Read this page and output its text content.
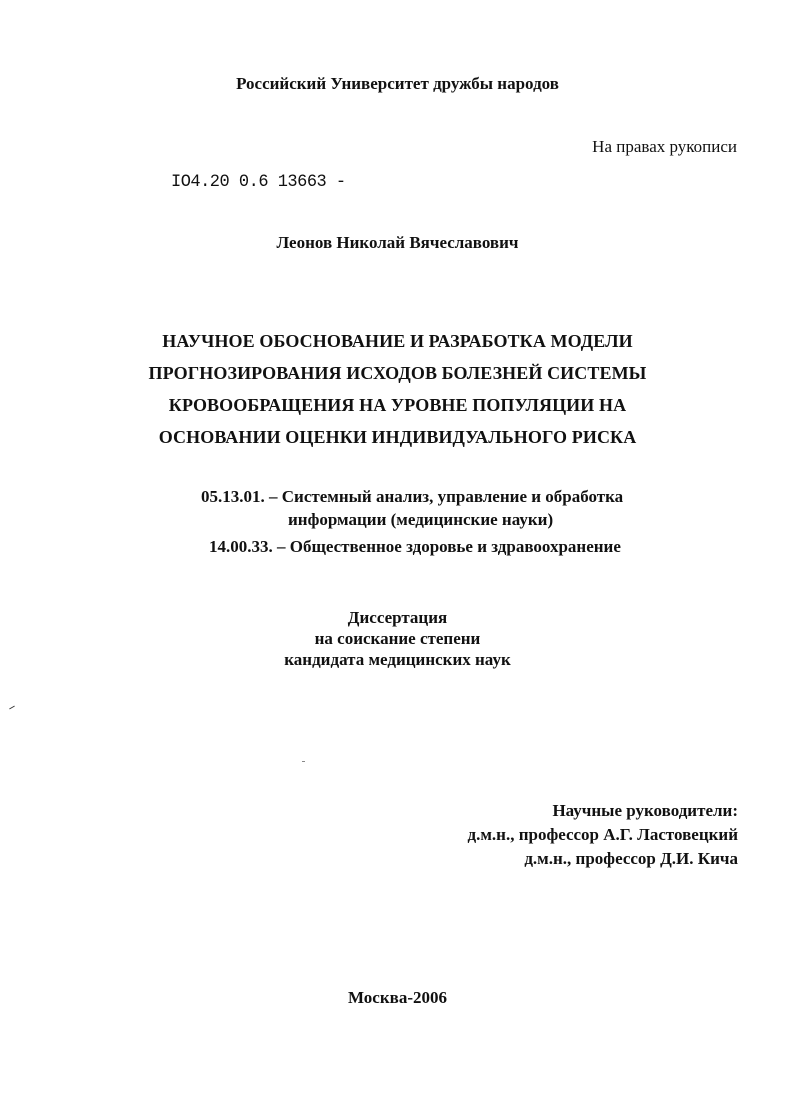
Российский Университет дружбы народов
На правах рукописи
IO4.20 0.6 13663 -
Леонов Николай Вячеславович
НАУЧНОЕ ОБОСНОВАНИЕ И РАЗРАБОТКА МОДЕЛИ
ПРОГНОЗИРОВАНИЯ ИСХОДОВ БОЛЕЗНЕЙ СИСТЕМЫ
КРОВООБРАЩЕНИЯ НА УРОВНЕ ПОПУЛЯЦИИ НА
ОСНОВАНИИ ОЦЕНКИ ИНДИВИДУАЛЬНОГО РИСКА
05.13.01. – Системный анализ, управление и обработка
информации (медицинские науки)
14.00.33. – Общественное здоровье и здравоохранение
Диссертация
на соискание степени
кандидата медицинских наук
Научные руководители:
д.м.н., профессор А.Г. Ластовецкий
д.м.н., профессор Д.И. Кича
Москва-2006
